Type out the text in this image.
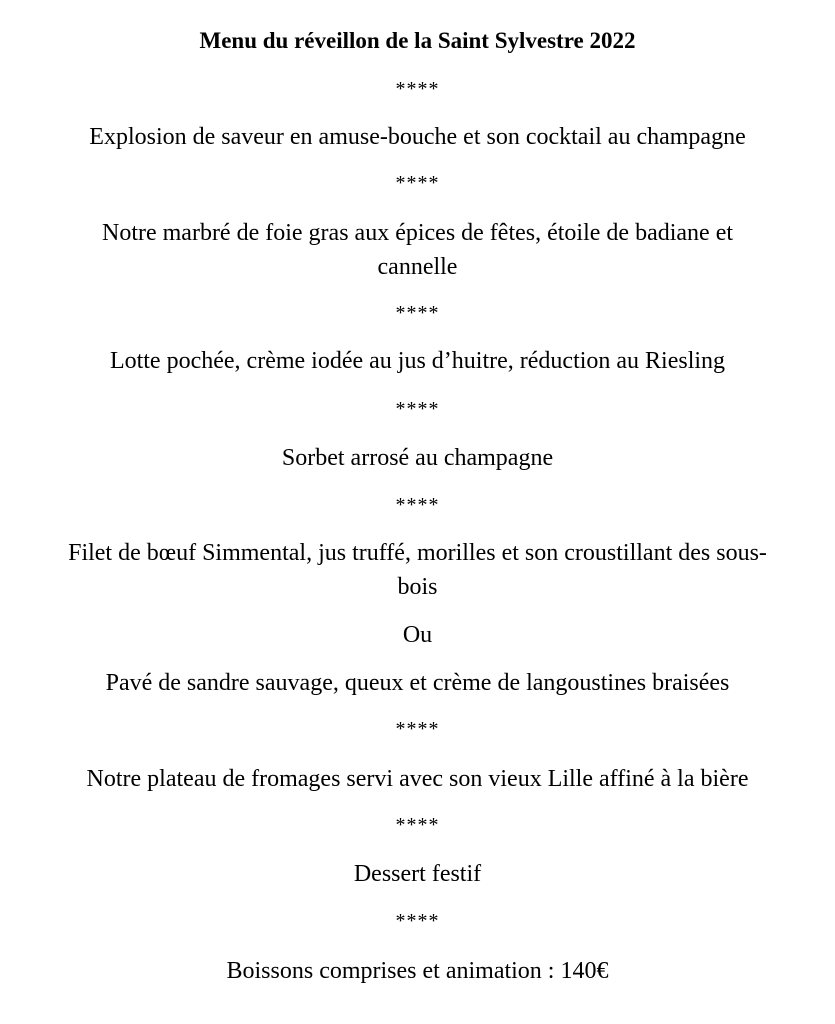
Menu du réveillon de la Saint Sylvestre 2022
****
Explosion de saveur en amuse-bouche et son cocktail au champagne
****
Notre marbré de foie gras aux épices de fêtes, étoile de badiane et
cannelle
****
Lotte pochée, crème iodée au jus d’huitre, réduction au Riesling
****
Sorbet arrosé au champagne
****
Filet de bœuf Simmental, jus truffé, morilles et son croustillant des sous-
bois
Ou
Pavé de sandre sauvage, queux et crème de langoustines braisées
****
Notre plateau de fromages servi avec son vieux Lille affiné à la bière
****
Dessert festif
****
Boissons comprises et animation : 140€
